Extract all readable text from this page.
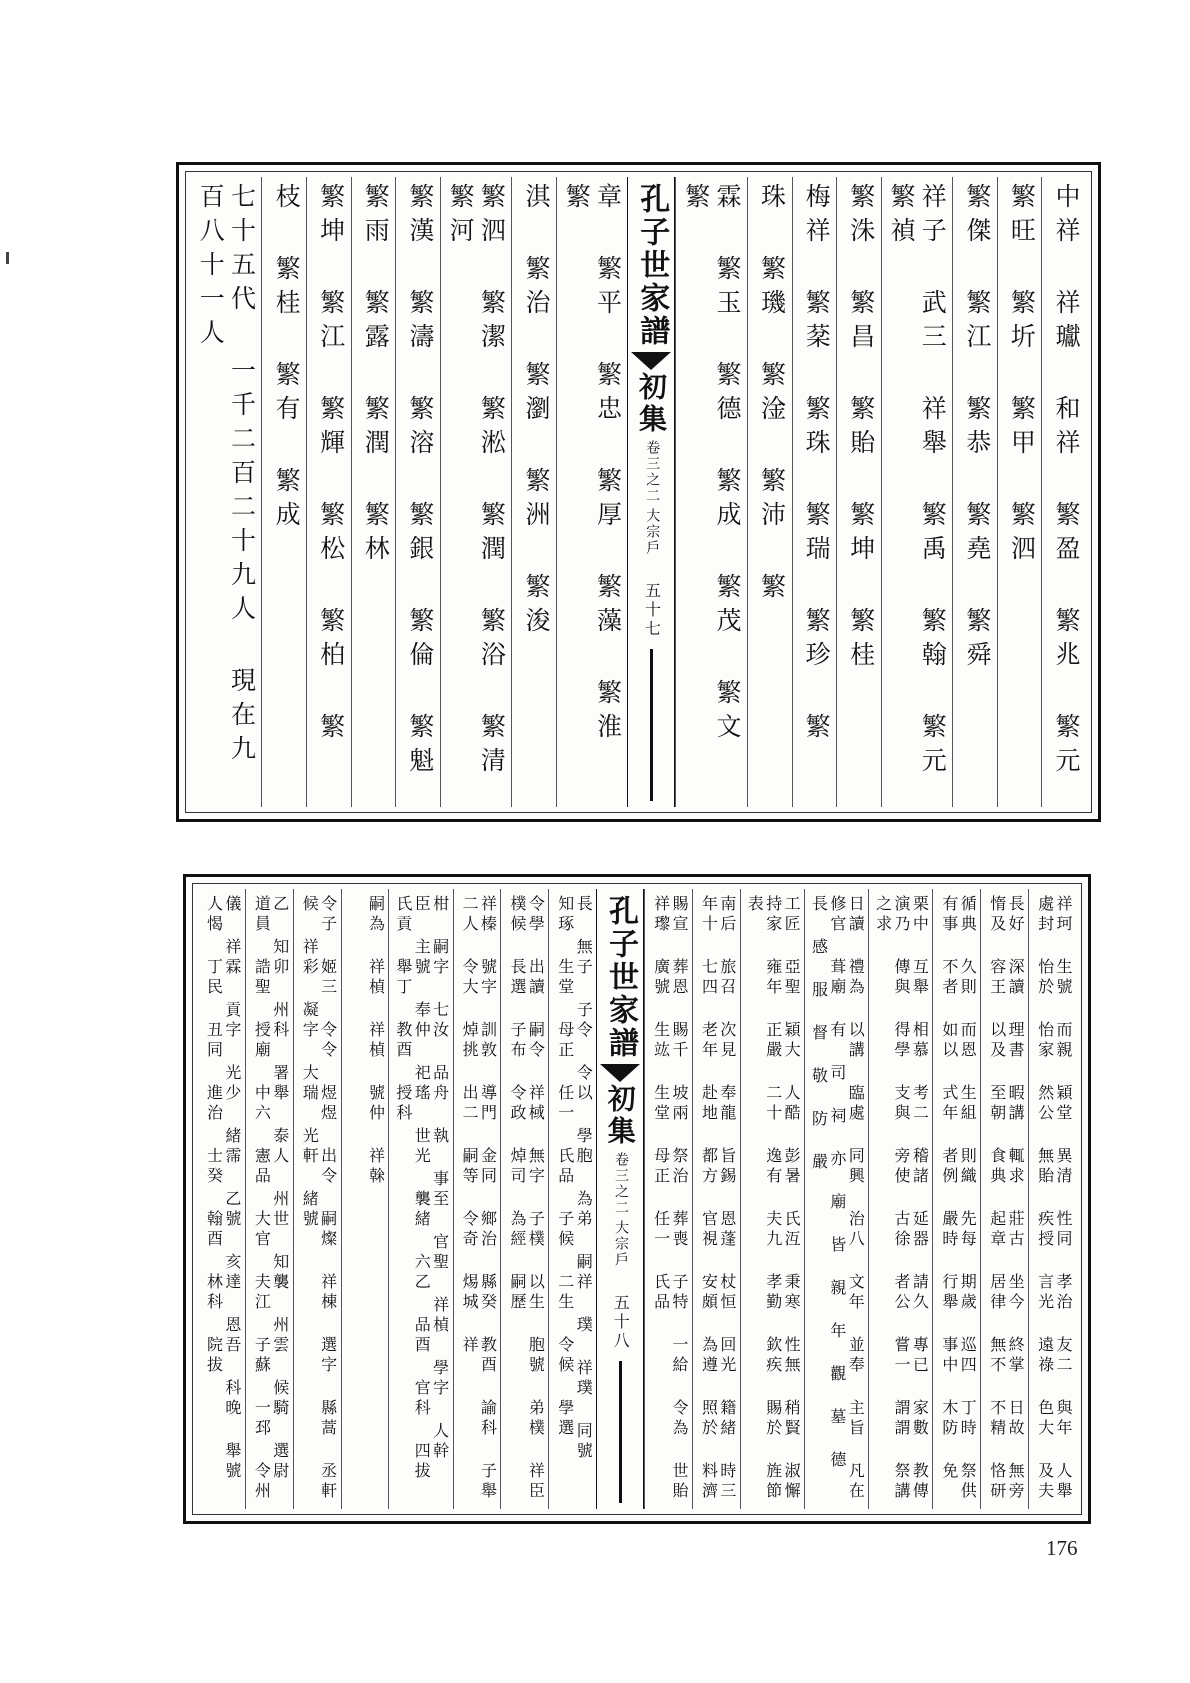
中祥 祥瓛 和祥 繁盈 繁兆 繁元
繁旺 繁圻 繁甲 繁泗
繁傑 繁江 繁恭 繁堯 繁舜
祥子 武三 祥舉 繁禹 繁翰 繁元 繁禎
繁洙 繁昌 繁貽 繁坤 繁桂
梅祥 繁棻 繁珠 繁瑞 繁珍 繁
珠 繁璣 繁淦 繁沛 繁
霖 繁玉 繁德 繁成 繁茂 繁文 繁
孔子世家譜
初集
卷三之二
大宗戶
五十七
章 繁平 繁忠 繁厚 繁藻 繁淮 繁
淇 繁治 繁瀏 繁洲 繁浚
繁泗 繁潔 繁淞 繁潤 繁浴 繁清 繁河
繁漢 繁濤 繁溶 繁銀 繁倫 繁魁
繁雨 繁露 繁潤 繁林
繁坤 繁江 繁輝 繁松 繁柏 繁
枝 繁桂 繁有 繁成
七十五代 一千二百二十九人 現在九百八十一人
祥珂 生號 而親 穎堂 異清 性同 孝治 友二 與年 人舉 處封 怡於 怡家 然公 無貽 疾授 言光 遠祿 色大 及夫
長好 深讀 理書 暇講 輒求 莊古 坐今 終掌 日故 無旁 惰及 容王 以及 至朝 食典 起章 居律 無不 不精 恪研
循典 久則 而恩 生組 則織 先每 期歲 巡四 丁時 祭供 有事 不者 如以 式年 者例 嚴時 行舉 事中 木防 免
栗中 互舉 相慕 考二 稽諸 延器 請久 專已 家數 教傳 演乃 傳與 得學 支與 旁使 古徐 者公 嘗一 謂謂 祭講 之求
日讀 禮為 以講 臨處 同興 治八 文年 並奉 主旨 凡在 修官 葺廟 有 司 祠 亦 廟 皆 親 年 觀 墓 德 長 感 服 督 敬 防 嚴
工匠 亞聖 穎大 人酷 彭暑 氏沍 秉寒 性無 稍賢 淑懈 持家 雍年 正嚴 二十 逸有 夫九 孝勤 欽疾 賜於 旌節 表
南后 旅召 次見 奉龍 旨錫 恩蓬 杖恒 回光 籍緒 時三 年十 七四 老年 赴地 都方 官視 安頗 為遵 照於 料濟
賜宣 葬恩 賜千 坡兩 祭治 葬喪 子特 一給 令為 世貽 祥瓈 廣號 生竑 生堂 母正 任一 氏品
孔子世家譜
初集
卷三之二
大宗戶
五十八
長 無子 子令 令以 學胞 為弟 嗣祥 璞 祥璞 同號 知琢 生堂 母正 任一 氏品 子候 二生 令候 學選
令學 出讀 嗣令 祥棫 無字 子樸 以生 胞號 弟樸 祥臣 樸候 長選 子布 令政 焯司 為經 嗣歷
祥榛 號字 訓敦 導門 金同 鄉治 縣癸 教酉 諭科 子舉 二人 令大 焯挑 出二 嗣等 令奇 焬城 祥
柑 嗣字 七汝 品舟 執 事至 官聖 祥楨 學字 人幹 臣 主號 奉仲 祀瑤 世光 襲緒 六乙 品酉 官科 四拔 氏貢 舉丁 教酉 授科
嗣為 祥楨 祥楨 號仲 祥榦
令子 姬三 令令 煜煜 出令 嗣燦 祥棟 選字 縣蒿 丞軒 候 祥彩 凝字 大瑞 光軒 緒號
乙 知卯 州科 署舉 泰人 州世 知襲 州雲 候騎 選尉 道員 誥聖 授廟 中六 憲品 大官 夫江 子蘇 一邳 令州
儀 祥霖 貢字 光少 緒霈 乙號 亥達 恩吾 科晚 舉號 人愒 丁民 丑同 進治 士癸 翰酉 林科 院拔
176
